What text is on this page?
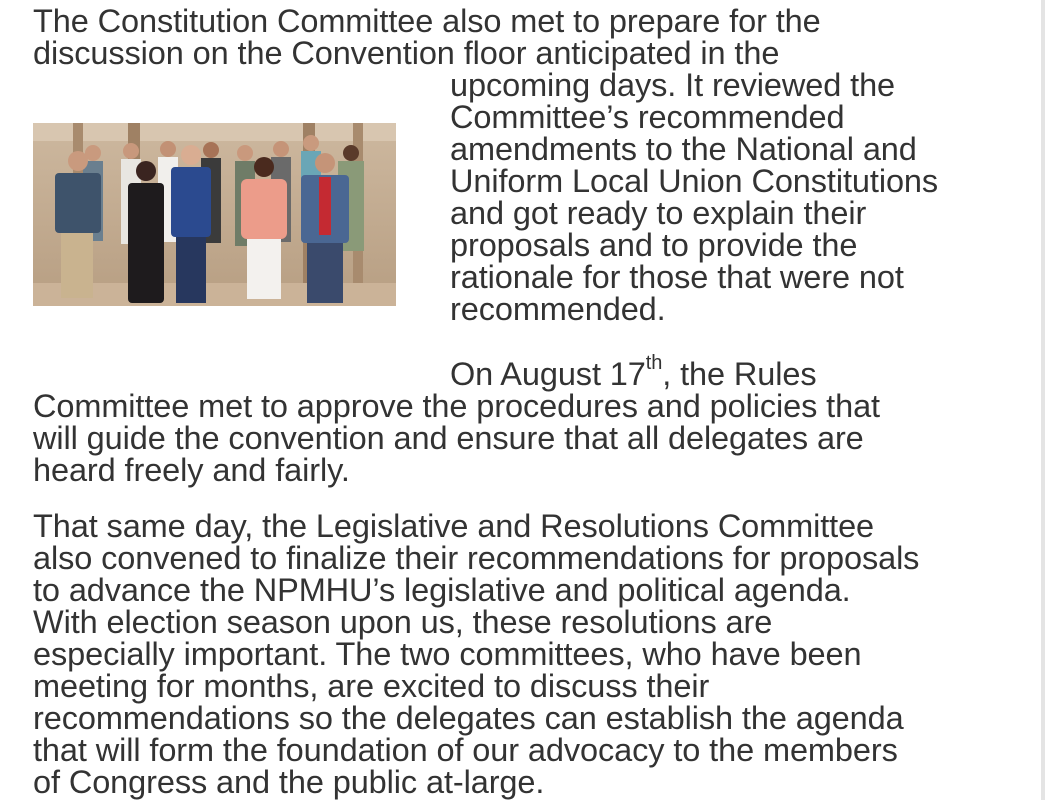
The Constitution Committee also met to prepare for the
discussion on the Convention floor anticipated in the
upcoming days. It reviewed the
Committee’s recommended
amendments to the National and
Uniform Local Union Constitutions
and got ready to explain their
proposals and to provide the
rationale for those that were not
recommended.
On August 17th, the Rules
Committee met to approve the procedures and policies that
will guide the convention and ensure that all delegates are
heard freely and fairly.
That same day, the Legislative and Resolutions Committee
also convened to finalize their recommendations for proposals
to advance the NPMHU’s legislative and political agenda.
With election season upon us, these resolutions are
especially important. The two committees, who have been
meeting for months, are excited to discuss their
recommendations so the delegates can establish the agenda
that will form the foundation of our advocacy to the members
of Congress and the public at-large.
